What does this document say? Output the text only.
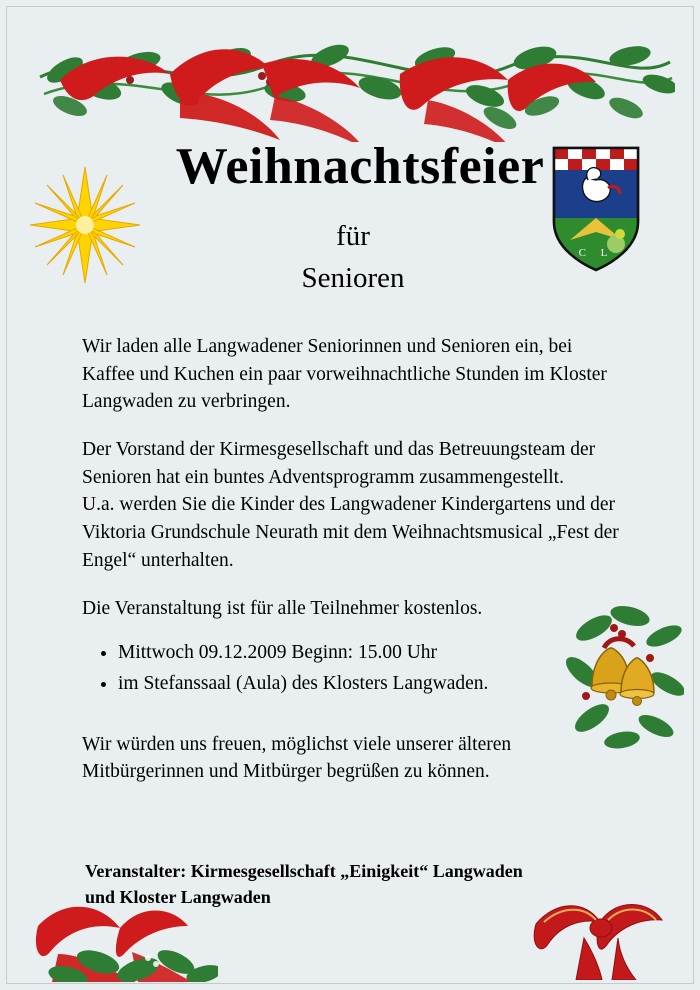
C L
Weihnachtsfeier
für
Senioren

Wir laden alle Langwadener Seniorinnen und Senioren ein, bei Kaffee und Kuchen ein paar vorweihnachtliche Stunden im Kloster Langwaden zu verbringen.

Der Vorstand der Kirmesgesellschaft und das Betreuungsteam der Senioren hat ein buntes Adventsprogramm zusammengestellt.

U.a. werden Sie die Kinder des Langwadener Kindergartens und der Viktoria Grundschule Neurath mit dem Weihnachtsmusical „Fest der Engel“ unterhalten.

Die Veranstaltung ist für alle Teilnehmer kostenlos.

• Mittwoch 09.12.2009 Beginn: 15.00 Uhr
• im Stefanssaal (Aula) des Klosters Langwaden.

Wir würden uns freuen, möglichst viele unserer älteren Mitbürgerinnen und Mitbürger begrüßen zu können.

Veranstalter: Kirmesgesellschaft „Einigkeit“ Langwaden
und Kloster Langwaden
